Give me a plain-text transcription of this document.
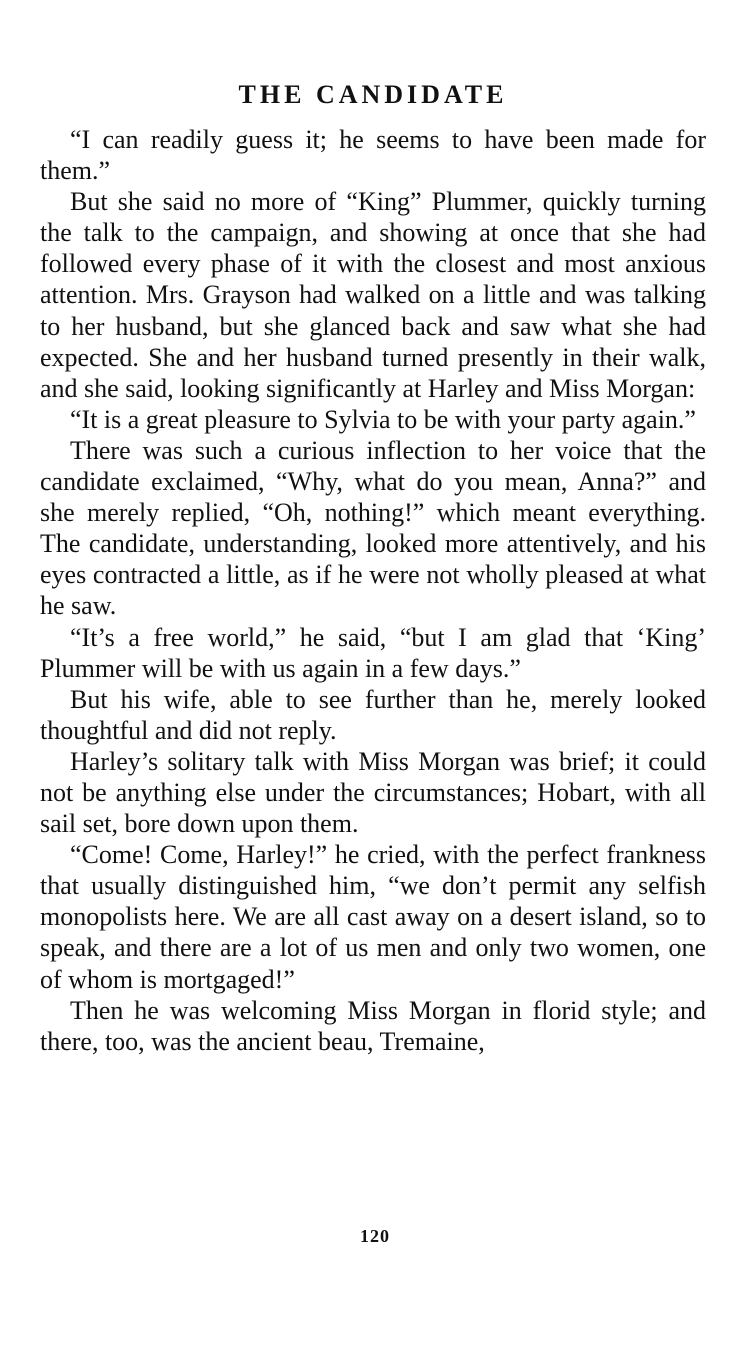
THE CANDIDATE

“I can readily guess it; he seems to have been made for them.”

But she said no more of “King” Plummer, quickly turning the talk to the campaign, and showing at once that she had followed every phase of it with the closest and most anxious attention. Mrs. Grayson had walked on a little and was talking to her husband, but she glanced back and saw what she had expected. She and her husband turned presently in their walk, and she said, looking significantly at Harley and Miss Morgan:

“It is a great pleasure to Sylvia to be with your party again.”

There was such a curious inflection to her voice that the candidate exclaimed, “Why, what do you mean, Anna?” and she merely replied, “Oh, nothing!” which meant everything. The candidate, understanding, looked more attentively, and his eyes contracted a little, as if he were not wholly pleased at what he saw.

“It’s a free world,” he said, “but I am glad that ‘King’ Plummer will be with us again in a few days.”

But his wife, able to see further than he, merely looked thoughtful and did not reply.

Harley’s solitary talk with Miss Morgan was brief; it could not be anything else under the circumstances; Hobart, with all sail set, bore down upon them.

“Come! Come, Harley!” he cried, with the perfect frankness that usually distinguished him, “we don’t permit any selfish monopolists here. We are all cast away on a desert island, so to speak, and there are a lot of us men and only two women, one of whom is mortgaged!”

Then he was welcoming Miss Morgan in florid style; and there, too, was the ancient beau, Tremaine,

120
